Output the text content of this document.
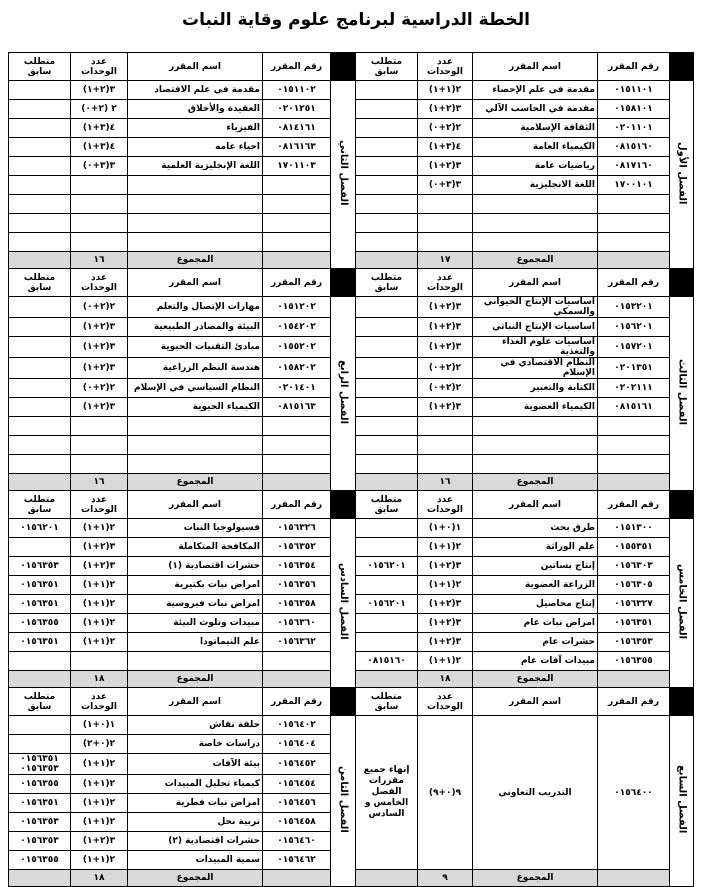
الخطة الدراسية لبرنامج علوم وقاية النبات
متطلب سابق	عدد الوحدات	اسم المقرر	رقم المقرر		متطلب سابق	عدد الوحدات	اسم المقرر	رقم المقرر	
	٣(٢+١)	مقدمة في علم الاقتصاد	٠١٥١١٠٢	الفصل الثاني		٢(١+١)	مقدمة في علم الإحصاء	٠١٥١١٠١	الفصل الأول
	٢ (٢+٠)	العقيدة والأخلاق	٠٢٠١٢٥١			٣(٢+١)	مقدمة في الحاسب الآلي	٠١٥٨١٠١	
	٤(٣+١)	الفيزياء	٠٨١٤١٦١			٢(٢+٠)	الثقافة الإسلامية	٠٢٠١١٠١	
	٤(٣+١)	احياء عامه	٠٨١٦١٦٣			٤(٣+١)	الكيمياء العامة	٠٨١٥١٦٠	
	٣(٣+٠)	اللغة الإنجليزية العلمية	١٧٠١١٠٣			٣(٢+١)	رياضيات عامة	٠٨١٧١٦٠	
						٣(٣+٠)	اللغة الانجليزية	١٧٠٠١٠١	

	١٦	المجموع				١٧	المجموع		
متطلب سابق	عدد الوحدات	اسم المقرر	رقم المقرر		متطلب سابق	عدد الوحدات	اسم المقرر	رقم المقرر	
	٢(٢+٠)	مهارات الإتصال والتعلم	٠١٥١٢٠٢	الفصل الرابع		٣(٢+١)	اساسيات الإنتاج الحيواني والسمكي	٠١٥٣٢٠١	الفصل الثالث
	٣(٢+١)	البيئة والمصادر الطبيعية	٠١٥٤٢٠٢			٣(٢+١)	اساسيات الإنتاج النباتي	٠١٥٦٢٠١	
	٣(٢+١)	مبادئ التقنيات الحيوية	٠١٥٥٢٠٢			٣(٢+١)	اساسيات علوم الغذاء والتغذية	٠١٥٧٢٠١	
	٣(٢+١)	هندسة النظم الزراعية	٠١٥٨٢٠٢			٢(٢+٠)	النظام الاقتصادي في الإسلام	٠٢٠١٣٥١	
	٢(٢+٠)	النظام السياسي في الإسلام	٠٢٠١٤٠١			٢(٢+٠)	الكتابة والتعبير	٠٢٠٢١١١	
	٣(٢+١)	الكيمياء الحيوية	٠٨١٥١٦٣			٣(٢+١)	الكيمياء العضوية	٠٨١٥١٦١	

	١٦	المجموع				١٦	المجموع		
متطلب سابق	عدد الوحدات	اسم المقرر	رقم المقرر		متطلب سابق	عدد الوحدات	اسم المقرر	رقم المقرر	
٠١٥٦٢٠١	٢(١+١)	فسيولوجيا النبات	٠١٥٦٣٢٦	الفصل السادس		١(٠+١)	طرق بحث	٠١٥١٣٠٠	الفصل الخامس
	٣(٢+١)	المكافحة المتكاملة	٠١٥٦٣٥٢			٢(١+١)	علم الوراثة	٠١٥٥٣٥١	
٠١٥٦٣٥٣	٣(٢+١)	حشرات اقتصادية (١)	٠١٥٦٣٥٤		٠١٥٦٢٠١	٣(٢+١)	إنتاج بساتين	٠١٥٦٣٠٣	
٠١٥٦٣٥١	٢(١+١)	امراض نبات بكتيرية	٠١٥٦٣٥٦			٢(١+١)	الزراعة العضوية	٠١٥٦٣٠٥	
٠١٥٦٣٥١	٢(١+١)	امراض نبات فيروسية	٠١٥٦٣٥٨		٠١٥٦٢٠١	٣(٢+١)	إنتاج محاصيل	٠١٥٦٣٢٧	
٠١٥٦٣٥٥	٢(١+١)	مبيدات وتلوث البيئة	٠١٥٦٣٦٠			٣(٢+١)	امراض نبات عام	٠١٥٦٣٥١	
٠١٥٦٣٥١	٢(١+١)	علم النيماتودا	٠١٥٦٣٦٢			٣(٢+١)	حشرات عام	٠١٥٦٣٥٣	
					٠٨١٥١٦٠	٢(١+١)	مبيدات آفات عام	٠١٥٦٣٥٥	
	١٨	المجموع				١٨	المجموع		
متطلب سابق	عدد الوحدات	اسم المقرر	رقم المقرر		متطلب سابق	عدد الوحدات	اسم المقرر	رقم المقرر	
	١(٠+١)	حلقة نقاش	٠١٥٦٤٠٢	الفصل الثامن	إنهاء جميع مقررات الفصل الخامس و السادس	٩(٠+٩)	التدريب التعاوني	٠١٥٦٤٠٠	الفصل السابع
	٢(٠+٢)	دراسات خاصة	٠١٥٦٤٠٤						
٠١٥٦٣٥١ ٠١٥٦٣٥٣	٢(١+١)	بيئة الآفات	٠١٥٦٤٥٢						
٠١٥٦٣٥٥	٢(١+١)	كيمياء تحليل المبيدات	٠١٥٦٤٥٤						
٠١٥٦٣٥١	٢(١+١)	امراض نبات فطرية	٠١٥٦٤٥٦						
٠١٥٦٣٥٣	٢(١+١)	تربية نحل	٠١٥٦٤٥٨						
٠١٥٦٣٥٣	٣(٢+١)	حشرات اقتصادية (٢)	٠١٥٦٤٦٠						
٠١٥٦٣٥٥	٢(١+١)	سمية المبيدات	٠١٥٦٤٦٢						
	١٨	المجموع				٩	المجموع		
